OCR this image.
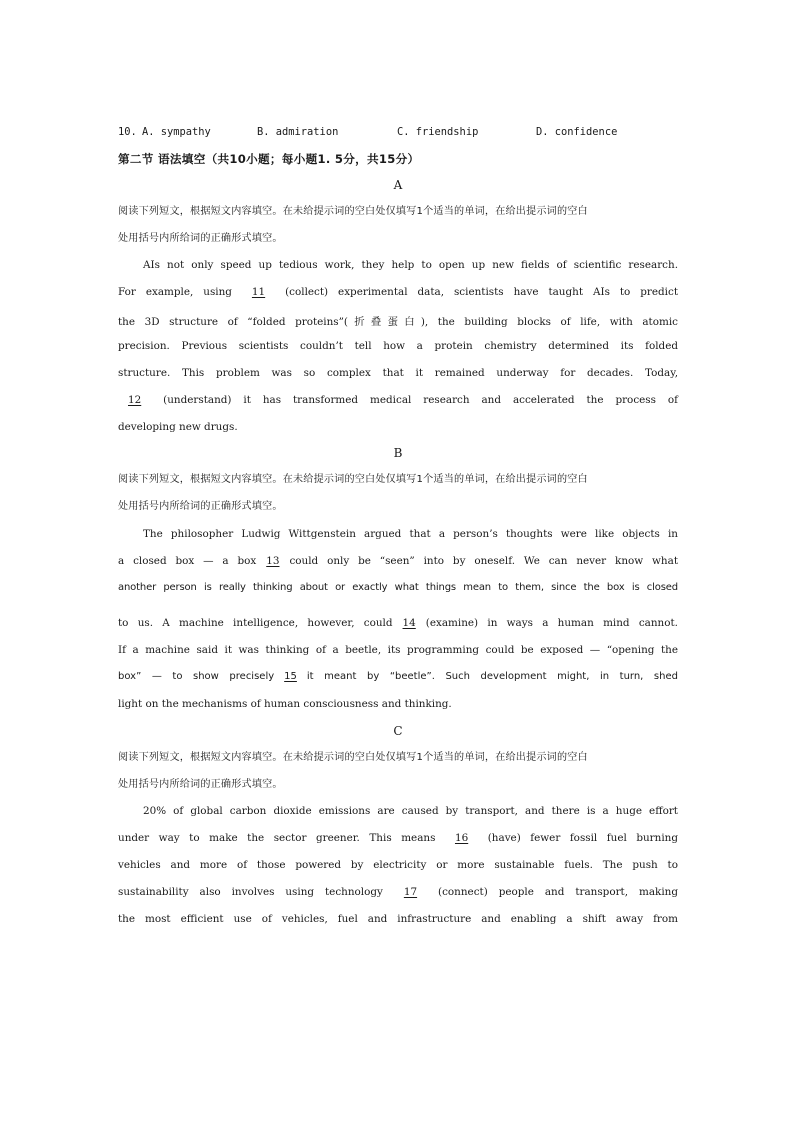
10.

A. sympathy

	B. admiration

	C. friendship

	D. confidence

第二节 语法填空（共10小题；每小题1. 5分，共15分）
A
阅读下列短文，根据短文内容填空。在未给提示词的空白处仅填写1个适当的单词，在给出提示词的空白
处用括号内所给词的正确形式填空。
AIs not only speed up tedious work, they help to open up new fields of scientific research.
For example, using 11 (collect) experimental data, scientists have taught AIs to predict
the 3D structure of “folded proteins”(折叠蛋白), the building blocks of life, with atomic
precision. Previous scientists couldn’t tell how a protein chemistry determined its folded
structure. This problem was so complex that it remained underway for decades. Today,
12 (understand) it has transformed medical research and accelerated the process of
developing new drugs.
B
阅读下列短文，根据短文内容填空。在未给提示词的空白处仅填写1个适当的单词，在给出提示词的空白
处用括号内所给词的正确形式填空。
The philosopher Ludwig Wittgenstein argued that a person’s thoughts were like objects in
a closed box — a box 13 could only be “seen” into by oneself. We can never know what
another person is really thinking about or exactly what things mean to them, since the box is closed
to us. A machine intelligence, however, could 14 (examine) in ways a human mind cannot.
If a machine said it was thinking of a beetle, its programming could be exposed — “opening the
box” — to show precisely 15 it meant by “beetle”. Such development might, in turn, shed
light on the mechanisms of human consciousness and thinking.
C
阅读下列短文，根据短文内容填空。在未给提示词的空白处仅填写1个适当的单词，在给出提示词的空白
处用括号内所给词的正确形式填空。
20% of global carbon dioxide emissions are caused by transport, and there is a huge effort
under way to make the sector greener. This means 16 (have) fewer fossil fuel burning
vehicles and more of those powered by electricity or more sustainable fuels. The push to
sustainability also involves using technology 17 (connect) people and transport, making
the most efficient use of vehicles, fuel and infrastructure and enabling a shift away from
